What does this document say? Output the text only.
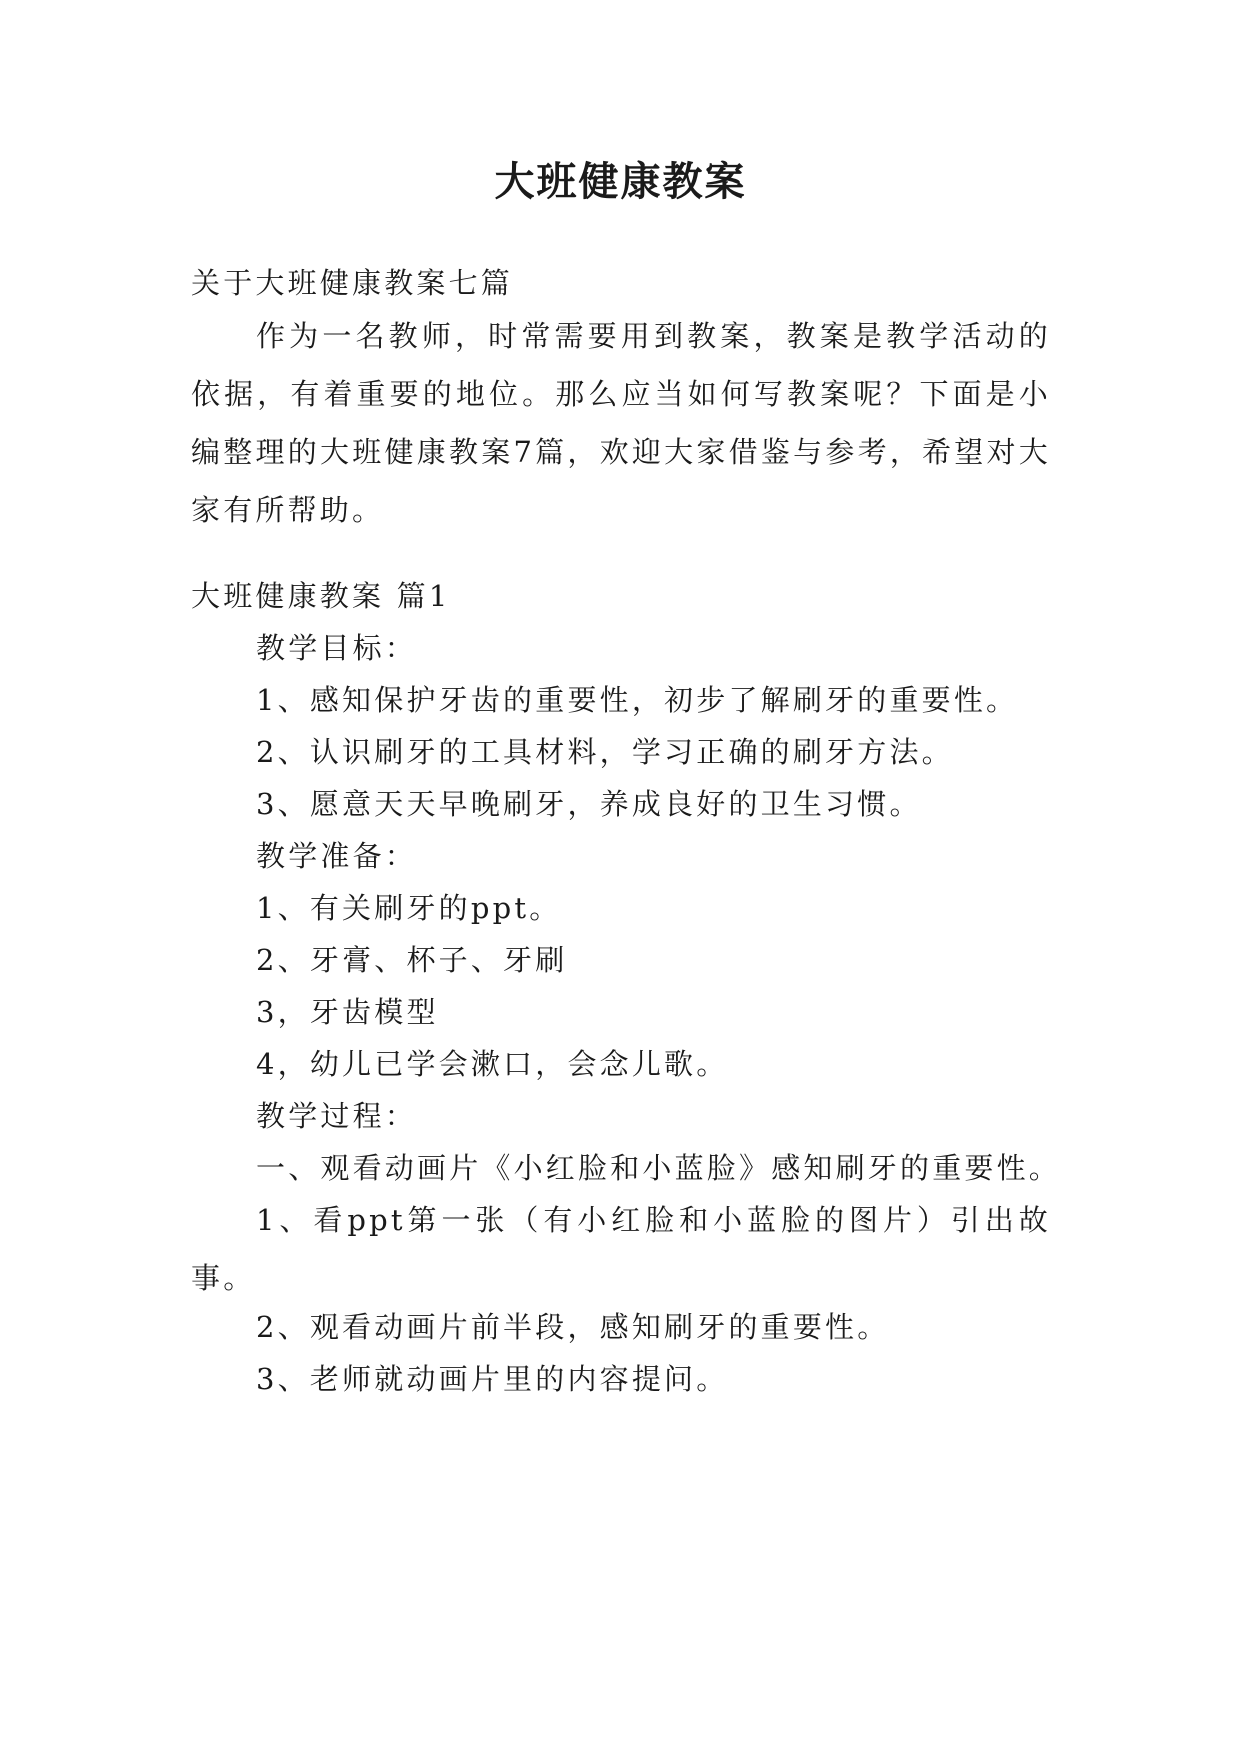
大班健康教案

关于大班健康教案七篇

作为一名教师，时常需要用到教案，教案是教学活动的依据，有着重要的地位。那么应当如何写教案呢？下面是小编整理的大班健康教案7篇，欢迎大家借鉴与参考，希望对大家有所帮助。

大班健康教案 篇1

教学目标：

1、感知保护牙齿的重要性，初步了解刷牙的重要性。

2、认识刷牙的工具材料，学习正确的刷牙方法。

3、愿意天天早晚刷牙，养成良好的卫生习惯。

教学准备：

1、有关刷牙的ppt。

2、牙膏、杯子、牙刷

3，牙齿模型

4，幼儿已学会漱口，会念儿歌。

教学过程：

一、观看动画片《小红脸和小蓝脸》感知刷牙的重要性。

1、看ppt第一张（有小红脸和小蓝脸的图片）引出故事。

2、观看动画片前半段，感知刷牙的重要性。

3、老师就动画片里的内容提问。
